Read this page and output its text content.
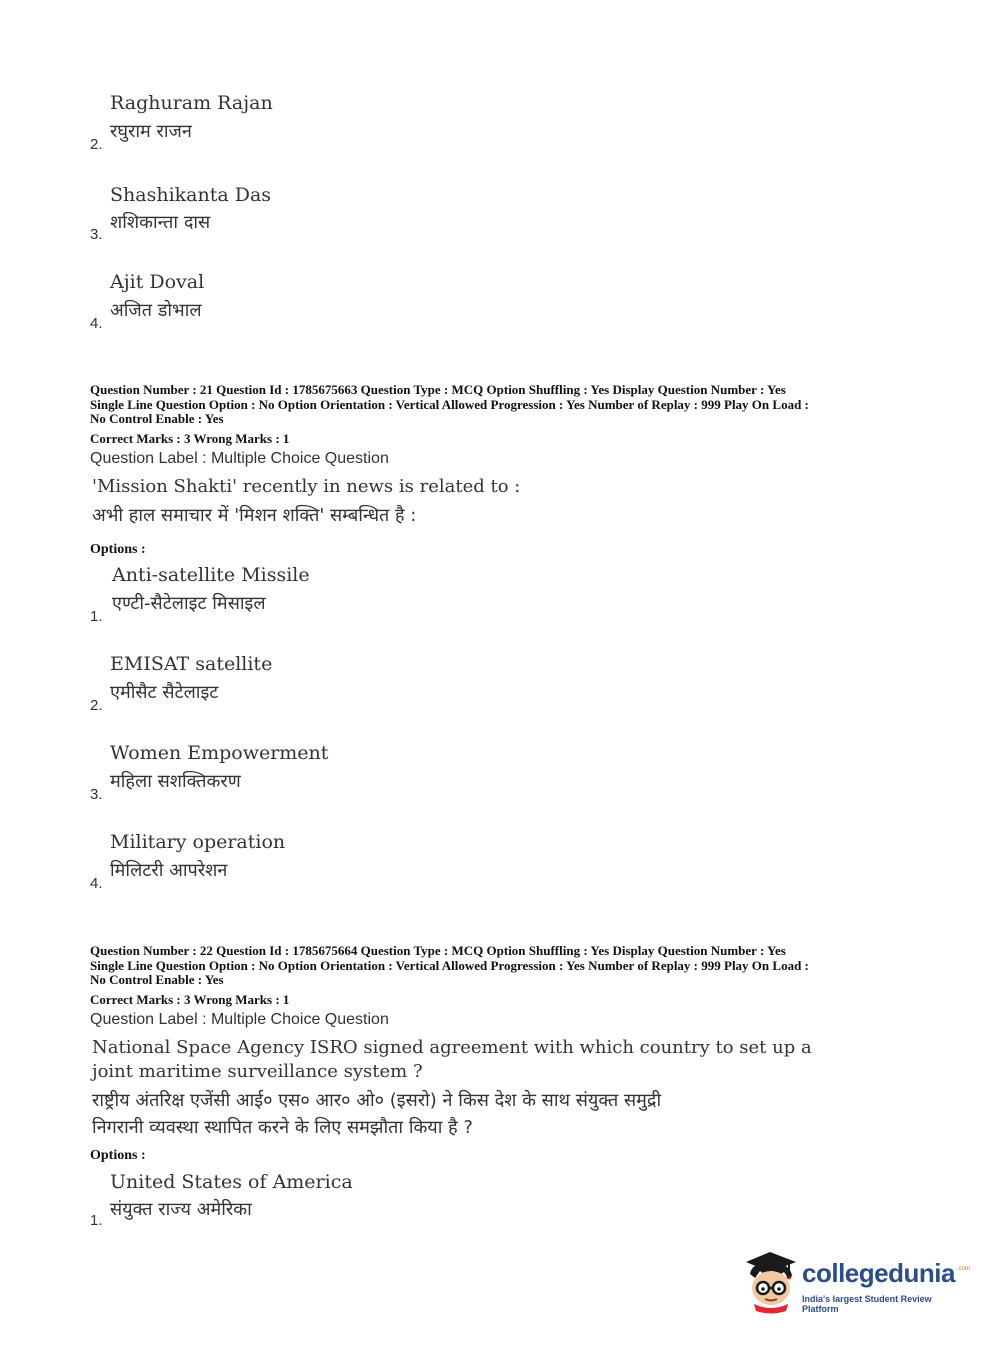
Raghuram Rajan
रघुराम राजन
2.
Shashikanta Das
शशिकान्ता दास
3.
Ajit Doval
अजित डोभाल
4.
Question Number : 21 Question Id : 1785675663 Question Type : MCQ Option Shuffling : Yes Display Question Number : Yes
Single Line Question Option : No Option Orientation : Vertical Allowed Progression : Yes Number of Replay : 999 Play On Load :
No Control Enable : Yes
Correct Marks : 3 Wrong Marks : 1
Question Label : Multiple Choice Question
'Mission Shakti' recently in news is related to :
अभी हाल समाचार में 'मिशन शक्ति' सम्बन्धित है :
Options :
Anti-satellite Missile
एण्टी-सैटेलाइट मिसाइल
1.
EMISAT satellite
एमीसैट सैटेलाइट
2.
Women Empowerment
महिला सशक्तिकरण
3.
Military operation
मिलिटरी आपरेशन
4.
Question Number : 22 Question Id : 1785675664 Question Type : MCQ Option Shuffling : Yes Display Question Number : Yes
Single Line Question Option : No Option Orientation : Vertical Allowed Progression : Yes Number of Replay : 999 Play On Load :
No Control Enable : Yes
Correct Marks : 3 Wrong Marks : 1
Question Label : Multiple Choice Question
National Space Agency ISRO signed agreement with which country to set up a
joint maritime surveillance system ?
राष्ट्रीय अंतरिक्ष एजेंसी आई० एस० आर० ओ० (इसरो) ने किस देश के साथ संयुक्त समुद्री
निगरानी व्यवस्था स्थापित करने के लिए समझौता किया है ?
Options :
United States of America
संयुक्त राज्य अमेरिका
1.
collegedunia .com
India's largest Student Review Platform
